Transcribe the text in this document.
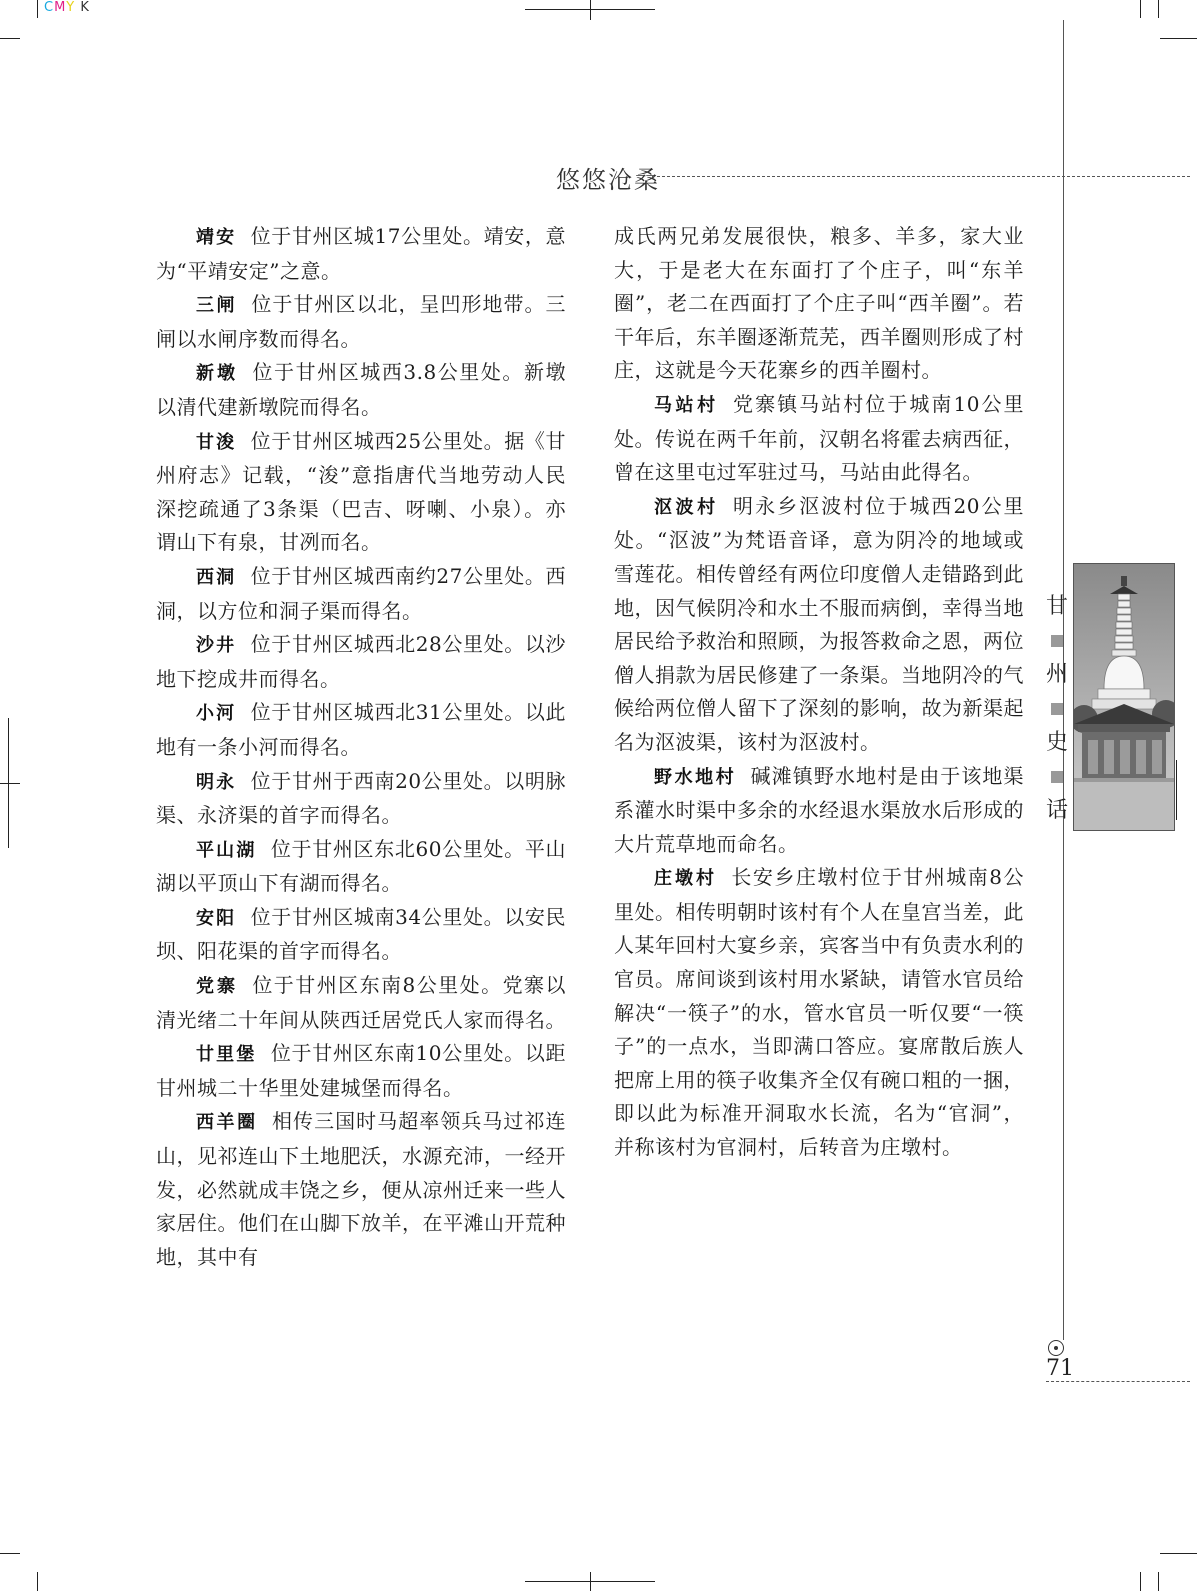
CMY K
悠悠沧桑

靖安 位于甘州区城17公里处。靖安，意为“平靖安定”之意。

三闸 位于甘州区以北，呈凹形地带。三闸以水闸序数而得名。

新墩 位于甘州区城西3.8公里处。新墩以清代建新墩院而得名。

甘浚 位于甘州区城西25公里处。据《甘州府志》记载，“浚”意指唐代当地劳动人民深挖疏通了3条渠（巴吉、呀喇、小泉）。亦谓山下有泉，甘冽而名。

西洞 位于甘州区城西南约27公里处。西洞，以方位和洞子渠而得名。

沙井 位于甘州区城西北28公里处。以沙地下挖成井而得名。

小河 位于甘州区城西北31公里处。以此地有一条小河而得名。

明永 位于甘州于西南20公里处。以明脉渠、永济渠的首字而得名。

平山湖 位于甘州区东北60公里处。平山湖以平顶山下有湖而得名。

安阳 位于甘州区城南34公里处。以安民坝、阳花渠的首字而得名。

党寨 位于甘州区东南8公里处。党寨以清光绪二十年间从陕西迁居党氏人家而得名。

廿里堡 位于甘州区东南10公里处。以距甘州城二十华里处建城堡而得名。

西羊圈 相传三国时马超率领兵马过祁连山，见祁连山下土地肥沃，水源充沛，一经开发，必然就成丰饶之乡，便从凉州迁来一些人家居住。他们在山脚下放羊，在平滩山开荒种地，其中有

成氏两兄弟发展很快，粮多、羊多，家大业大，于是老大在东面打了个庄子，叫“东羊圈”，老二在西面打了个庄子叫“西羊圈”。若干年后，东羊圈逐渐荒芜，西羊圈则形成了村庄，这就是今天花寨乡的西羊圈村。

马站村 党寨镇马站村位于城南10公里处。传说在两千年前，汉朝名将霍去病西征，曾在这里屯过军驻过马，马站由此得名。

沤波村 明永乡沤波村位于城西20公里处。“沤波”为梵语音译，意为阴冷的地域或雪莲花。相传曾经有两位印度僧人走错路到此地，因气候阴冷和水土不服而病倒，幸得当地居民给予救治和照顾，为报答救命之恩，两位僧人捐款为居民修建了一条渠。当地阴冷的气候给两位僧人留下了深刻的影响，故为新渠起名为沤波渠，该村为沤波村。

野水地村 碱滩镇野水地村是由于该地渠系灌水时渠中多余的水经退水渠放水后形成的大片荒草地而命名。

庄墩村 长安乡庄墩村位于甘州城南8公里处。相传明朝时该村有个人在皇宫当差，此人某年回村大宴乡亲，宾客当中有负责水利的官员。席间谈到该村用水紧缺，请管水官员给解决“一筷子”的水，管水官员一听仅要“一筷子”的一点水，当即满口答应。宴席散后族人把席上用的筷子收集齐全仅有碗口粗的一捆，即以此为标准开洞取水长流，名为“官洞”，并称该村为官洞村，后转音为庄墩村。

甘
州
史
话
71
